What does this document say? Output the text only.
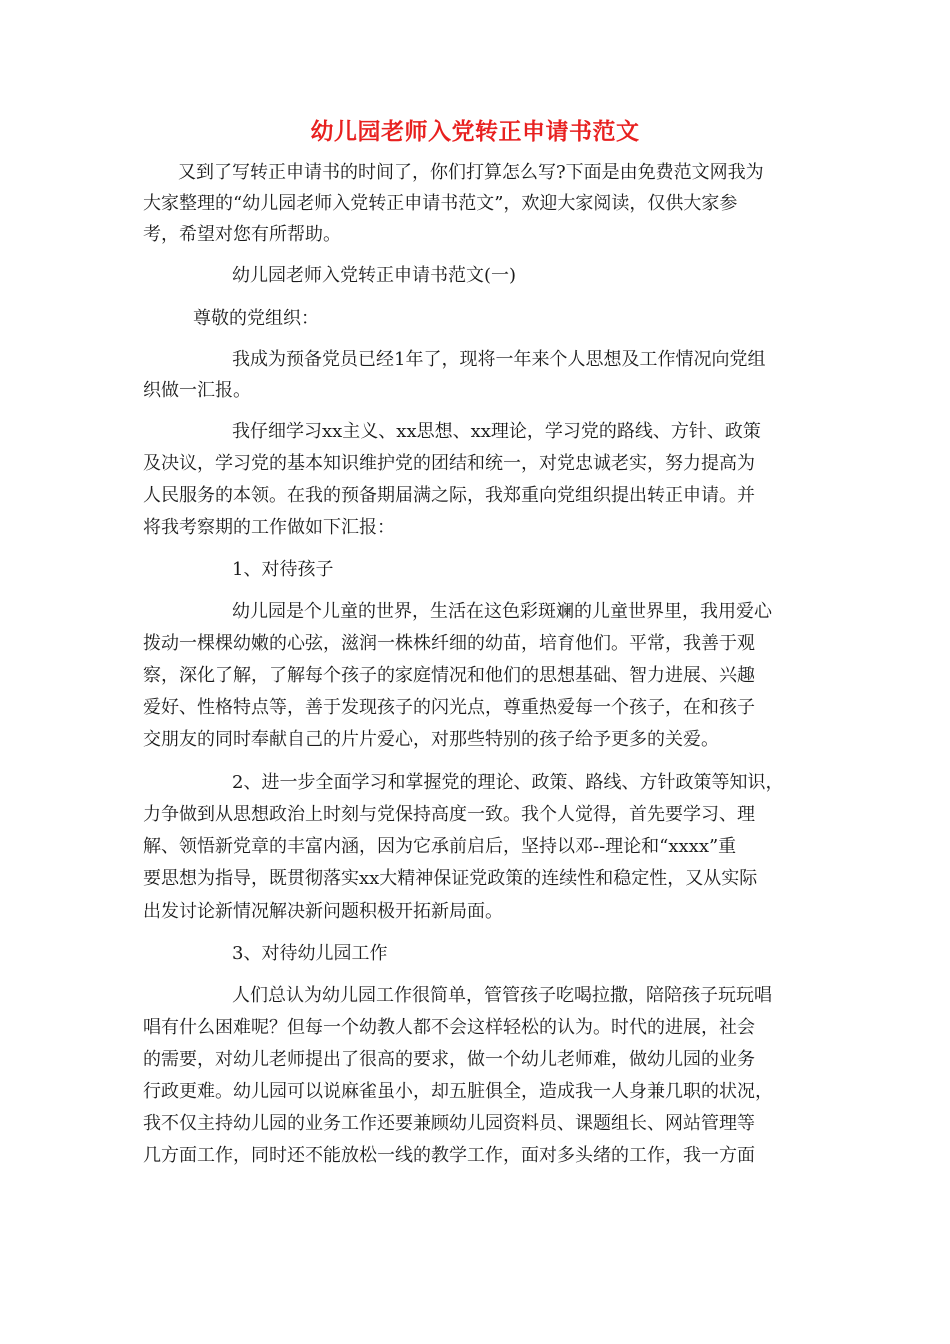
幼儿园老师入党转正申请书范文
又到了写转正申请书的时间了，你们打算怎么写?下面是由免费范文网我为
大家整理的“幼儿园老师入党转正申请书范文”，欢迎大家阅读，仅供大家参
考，希望对您有所帮助。
幼儿园老师入党转正申请书范文(一)
尊敬的党组织：
我成为预备党员已经1年了，现将一年来个人思想及工作情况向党组
织做一汇报。
我仔细学习xx主义、xx思想、xx理论，学习党的路线、方针、政策
及决议，学习党的基本知识维护党的团结和统一，对党忠诚老实，努力提高为
人民服务的本领。在我的预备期届满之际，我郑重向党组织提出转正申请。并
将我考察期的工作做如下汇报：
1、对待孩子
幼儿园是个儿童的世界，生活在这色彩斑斓的儿童世界里，我用爱心
拨动一棵棵幼嫩的心弦，滋润一株株纤细的幼苗，培育他们。平常，我善于观
察，深化了解，了解每个孩子的家庭情况和他们的思想基础、智力进展、兴趣
爱好、性格特点等，善于发现孩子的闪光点，尊重热爱每一个孩子，在和孩子
交朋友的同时奉献自己的片片爱心，对那些特别的孩子给予更多的关爱。
2、进一步全面学习和掌握党的理论、政策、路线、方针政策等知识，
力争做到从思想政治上时刻与党保持高度一致。我个人觉得，首先要学习、理
解、领悟新党章的丰富内涵，因为它承前启后，坚持以邓--理论和“xxxx”重
要思想为指导，既贯彻落实xx大精神保证党政策的连续性和稳定性，又从实际
出发讨论新情况解决新问题积极开拓新局面。
3、对待幼儿园工作
人们总认为幼儿园工作很简单，管管孩子吃喝拉撒，陪陪孩子玩玩唱
唱有什么困难呢？但每一个幼教人都不会这样轻松的认为。时代的进展，社会
的需要，对幼儿老师提出了很高的要求，做一个幼儿老师难，做幼儿园的业务
行政更难。幼儿园可以说麻雀虽小，却五脏俱全，造成我一人身兼几职的状况，
我不仅主持幼儿园的业务工作还要兼顾幼儿园资料员、课题组长、网站管理等
几方面工作，同时还不能放松一线的教学工作，面对多头绪的工作，我一方面
